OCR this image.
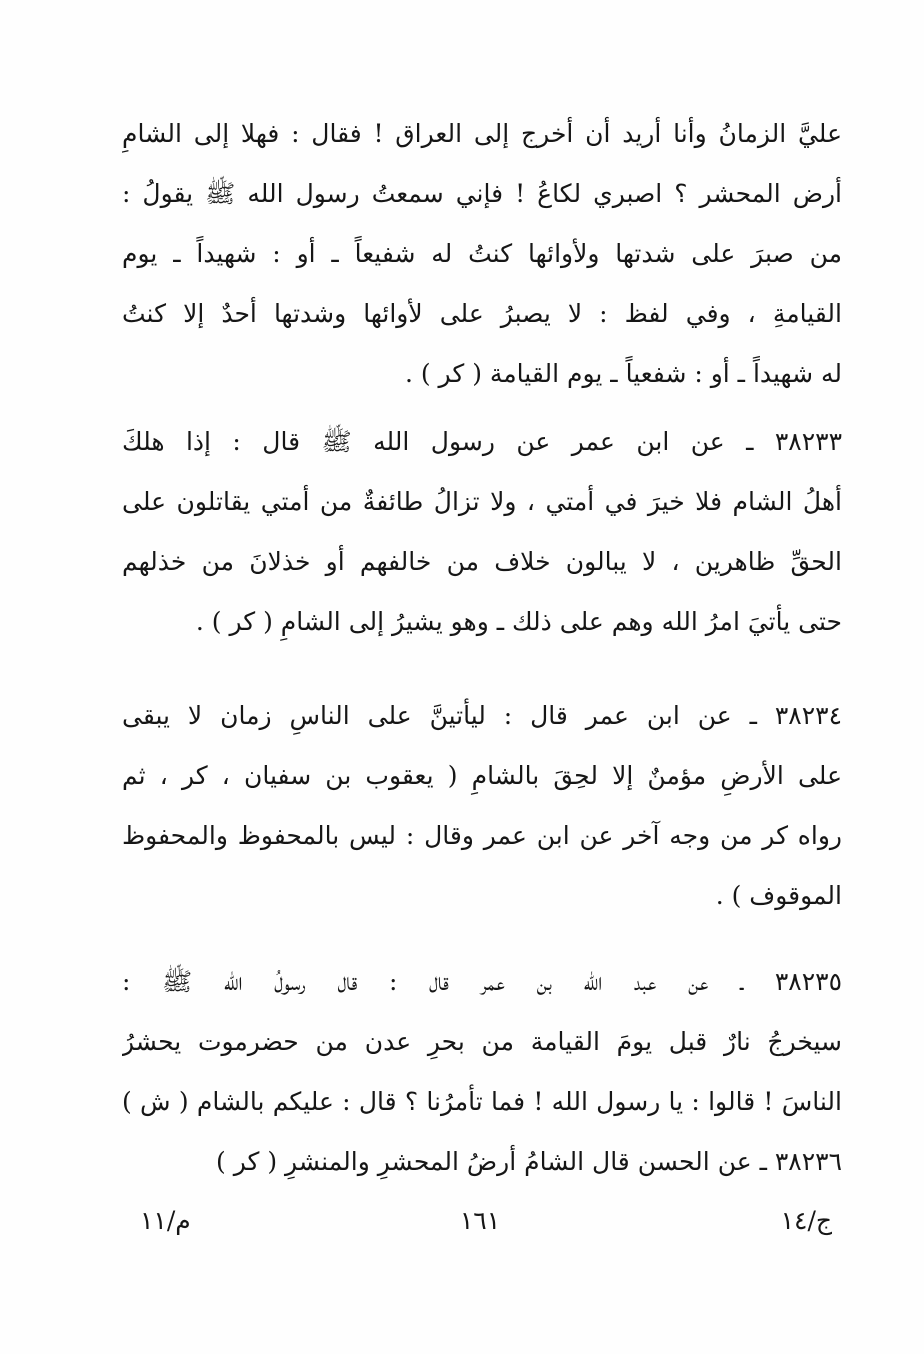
عليَّ الزمانُ وأنا أريد أن أخرج إلى العراق ! فقال : فهلا إلى الشامِ
أرض المحشر ؟ اصبري لكاعُ ! فإني سمعتُ رسول الله ﷺ يقولُ :
من صبرَ على شدتها ولأوائها كنتُ له شفيعاً ـ أو : شهيداً ـ يوم
القيامةِ ، وفي لفظ : لا يصبرُ على لأوائها وشدتها أحدٌ إلا كنتُ
له شهيداً ـ أو : شفعياً ـ يوم القيامة ( كر ) .
٣٨٢٣٣ ـ عن ابن عمر عن رسول الله ﷺ قال : إذا هلكَ
أهلُ الشام فلا خيرَ في أمتي ، ولا تزالُ طائفةٌ من أمتي يقاتلون على
الحقِّ ظاهرين ، لا يبالون خلاف من خالفهم أو خذلانَ من خذلهم
حتى يأتيَ امرُ الله وهم على ذلك ـ وهو يشيرُ إلى الشامِ ( كر ) .
٣٨٢٣٤ ـ عن ابن عمر قال : ليأتينَّ على الناسِ زمان لا يبقى
على الأرضِ مؤمنٌ إلا لحِقَ بالشامِ ( يعقوب بن سفيان ، كر ، ثم
رواه كر من وجه آخر عن ابن عمر وقال : ليس بالمحفوظ والمحفوظ
الموقوف ) .
٣٨٢٣٥ ـ عن عبد الله بن عمر قال : قال رسولُ الله ﷺ :
سيخرجُ نارٌ قبل يومَ القيامة من بحرِ عدن من حضرموت يحشرُ
الناسَ ! قالوا : يا رسول الله ! فما تأمرُنا ؟ قال : عليكم بالشام ( ش )
٣٨٢٣٦ ـ عن الحسن قال الشامُ أرضُ المحشرِ والمنشرِ ( كر )
م/١١	١٦١	ج/١٤
